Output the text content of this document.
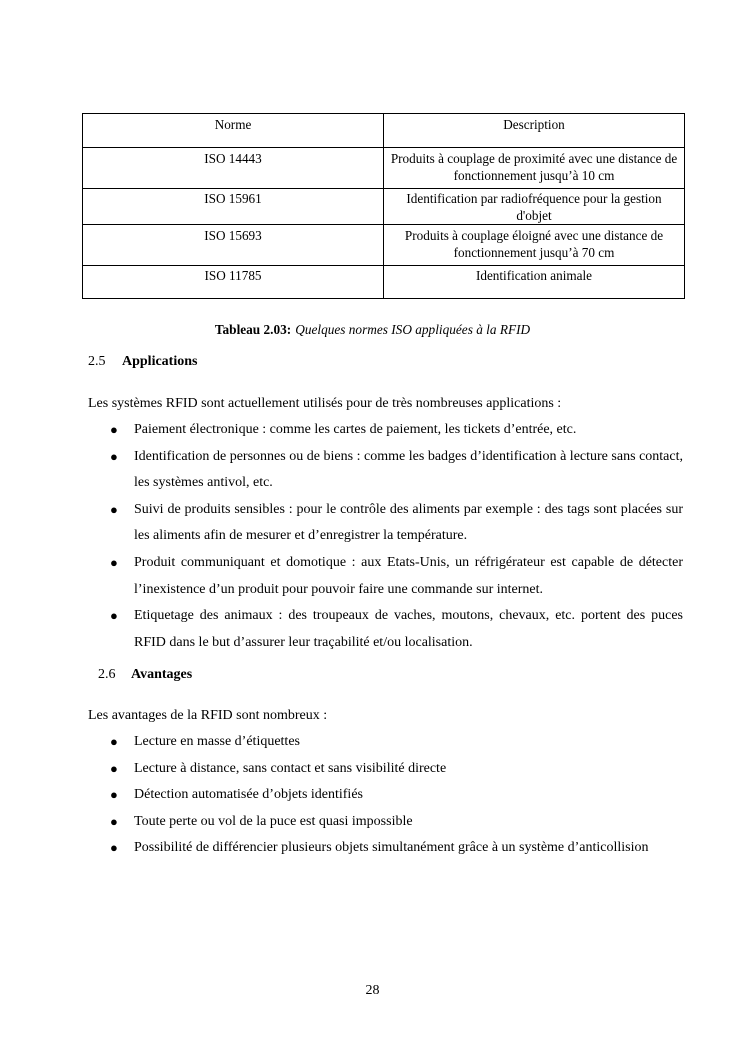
Norme	Description
ISO 14443	Produits à couplage de proximité avec une distance de fonctionnement jusqu’à 10 cm
ISO 15961	Identification par radiofréquence pour la gestion d'objet
ISO 15693	Produits à couplage éloigné avec une distance de fonctionnement jusqu’à 70 cm
ISO 11785	Identification animale
Tableau 2.03: Quelques normes ISO appliquées à la RFID
2.5 Applications
Les systèmes RFID sont actuellement utilisés pour de très nombreuses applications :
● Paiement électronique : comme les cartes de paiement, les tickets d’entrée, etc.
● Identification de personnes ou de biens : comme les badges d’identification à lecture sans contact, les systèmes antivol, etc.
● Suivi de produits sensibles : pour le contrôle des aliments par exemple : des tags sont placées sur les aliments afin de mesurer et d’enregistrer la température.
● Produit communiquant et domotique : aux Etats-Unis, un réfrigérateur est capable de détecter l’inexistence d’un produit pour pouvoir faire une commande sur internet.
● Etiquetage des animaux : des troupeaux de vaches, moutons, chevaux, etc. portent des puces RFID dans le but d’assurer leur traçabilité et/ou localisation.
2.6 Avantages
Les avantages de la RFID sont nombreux :
● Lecture en masse d’étiquettes
● Lecture à distance, sans contact et sans visibilité directe
● Détection automatisée d’objets identifiés
● Toute perte ou vol de la puce est quasi impossible
● Possibilité de différencier plusieurs objets simultanément grâce à un système d’anticollision
28
